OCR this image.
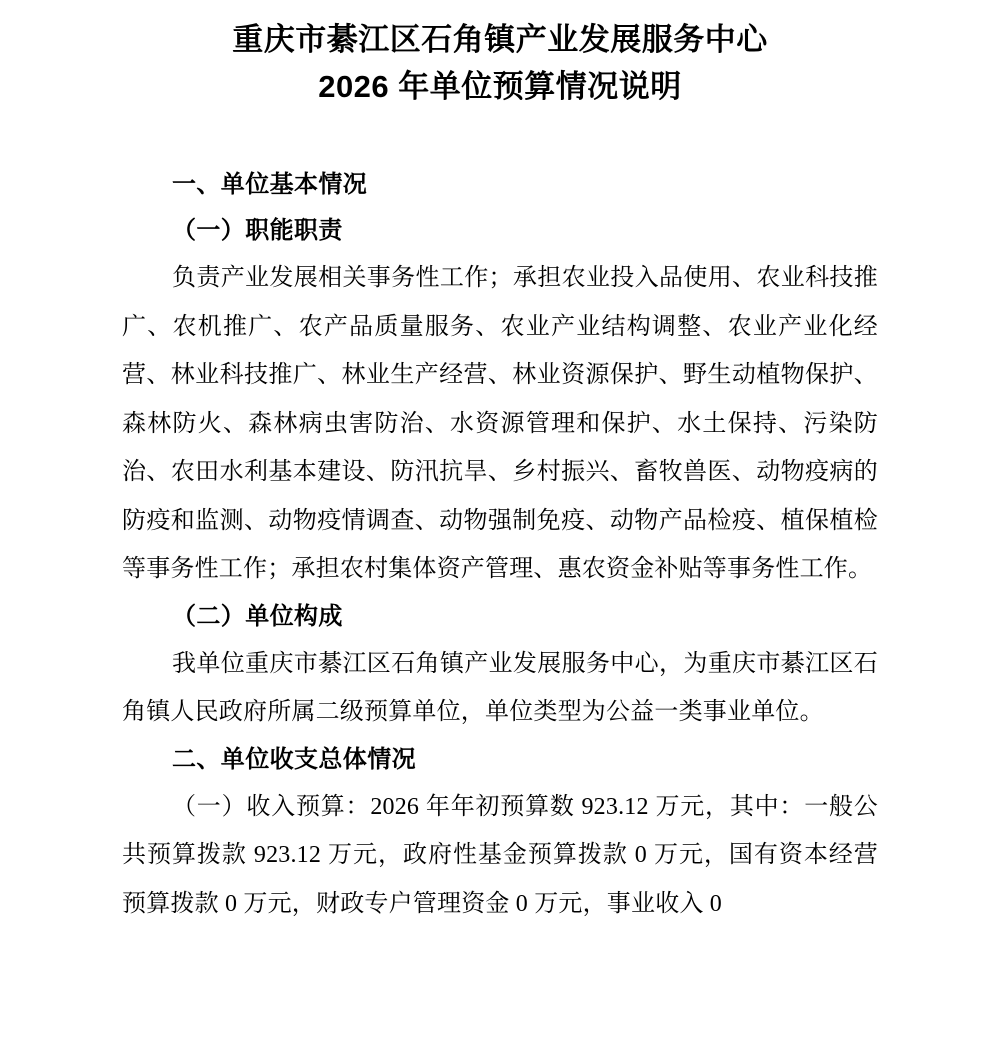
重庆市綦江区石角镇产业发展服务中心
2026 年单位预算情况说明
一、单位基本情况
（一）职能职责

负责产业发展相关事务性工作；承担农业投入品使用、农业科技推广、农机推广、农产品质量服务、农业产业结构调整、农业产业化经营、林业科技推广、林业生产经营、林业资源保护、野生动植物保护、森林防火、森林病虫害防治、水资源管理和保护、水土保持、污染防治、农田水利基本建设、防汛抗旱、乡村振兴、畜牧兽医、动物疫病的防疫和监测、动物疫情调查、动物强制免疫、动物产品检疫、植保植检等事务性工作；承担农村集体资产管理、惠农资金补贴等事务性工作。

（二）单位构成

我单位重庆市綦江区石角镇产业发展服务中心，为重庆市綦江区石角镇人民政府所属二级预算单位，单位类型为公益一类事业单位。

二、单位收支总体情况

（一）收入预算：2026 年年初预算数 923.12 万元，其中：一般公共预算拨款 923.12 万元，政府性基金预算拨款 0 万元，国有资本经营预算拨款 0 万元，财政专户管理资金 0 万元，事业收入 0
